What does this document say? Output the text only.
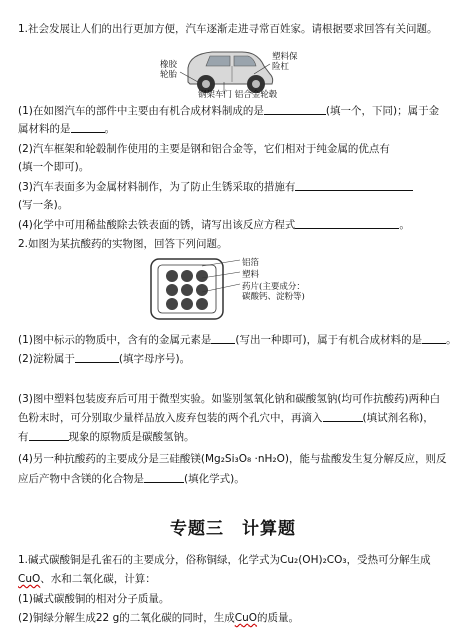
1.社会发展让人们的出行更加方便，汽车逐渐走进寻常百姓家。请根据要求回答有关问题。
橡胶
轮胎
塑料保
险杠
钢架车门 铝合金轮毂
(1)在如图汽车的部件中主要由有机合成材料制成的是	(填一个，下同)；属于金
属材料的是	。
(2)汽车框架和轮毂制作使用的主要是钢和铝合金等，它们相对于纯金属的优点有
(填一个即可)。
(3)汽车表面多为金属材料制作，为了防止生锈采取的措施有
(写一条)。
(4)化学中可用稀盐酸除去铁表面的锈，请写出该反应方程式	。
2.如图为某抗酸药的实物图，回答下列问题。
铝箔
塑料
药片(主要成分：
碳酸钙、淀粉等)
(1)图中标示的物质中，含有的金属元素是 (写出一种即可)，属于有机合成材料的是 。
(2)淀粉属于	(填字母序号)。
(3)图中塑料包装废弃后可用于微型实验。如鉴别氢氧化钠和碳酸氢钠(均可作抗酸药)两种白
色粉末时，可分别取少量样品放入废弃包装的两个孔穴中，再滴入	(填试剂名称)，
有	现象的原物质是碳酸氢钠。
(4)另一种抗酸药的主要成分是三硅酸镁(Mg₂Si₃O₈ ·nH₂O)，能与盐酸发生复分解反应，则反
应后产物中含镁的化合物是	(填化学式)。
专题三　计算题
1.碱式碳酸铜是孔雀石的主要成分，俗称铜绿，化学式为Cu₂(OH)₂CO₃，受热可分解生成
CuO、水和二氧化碳，计算：
(1)碱式碳酸铜的相对分子质量。
(2)铜绿分解生成22 g的二氧化碳的同时，生成CuO的质量。
